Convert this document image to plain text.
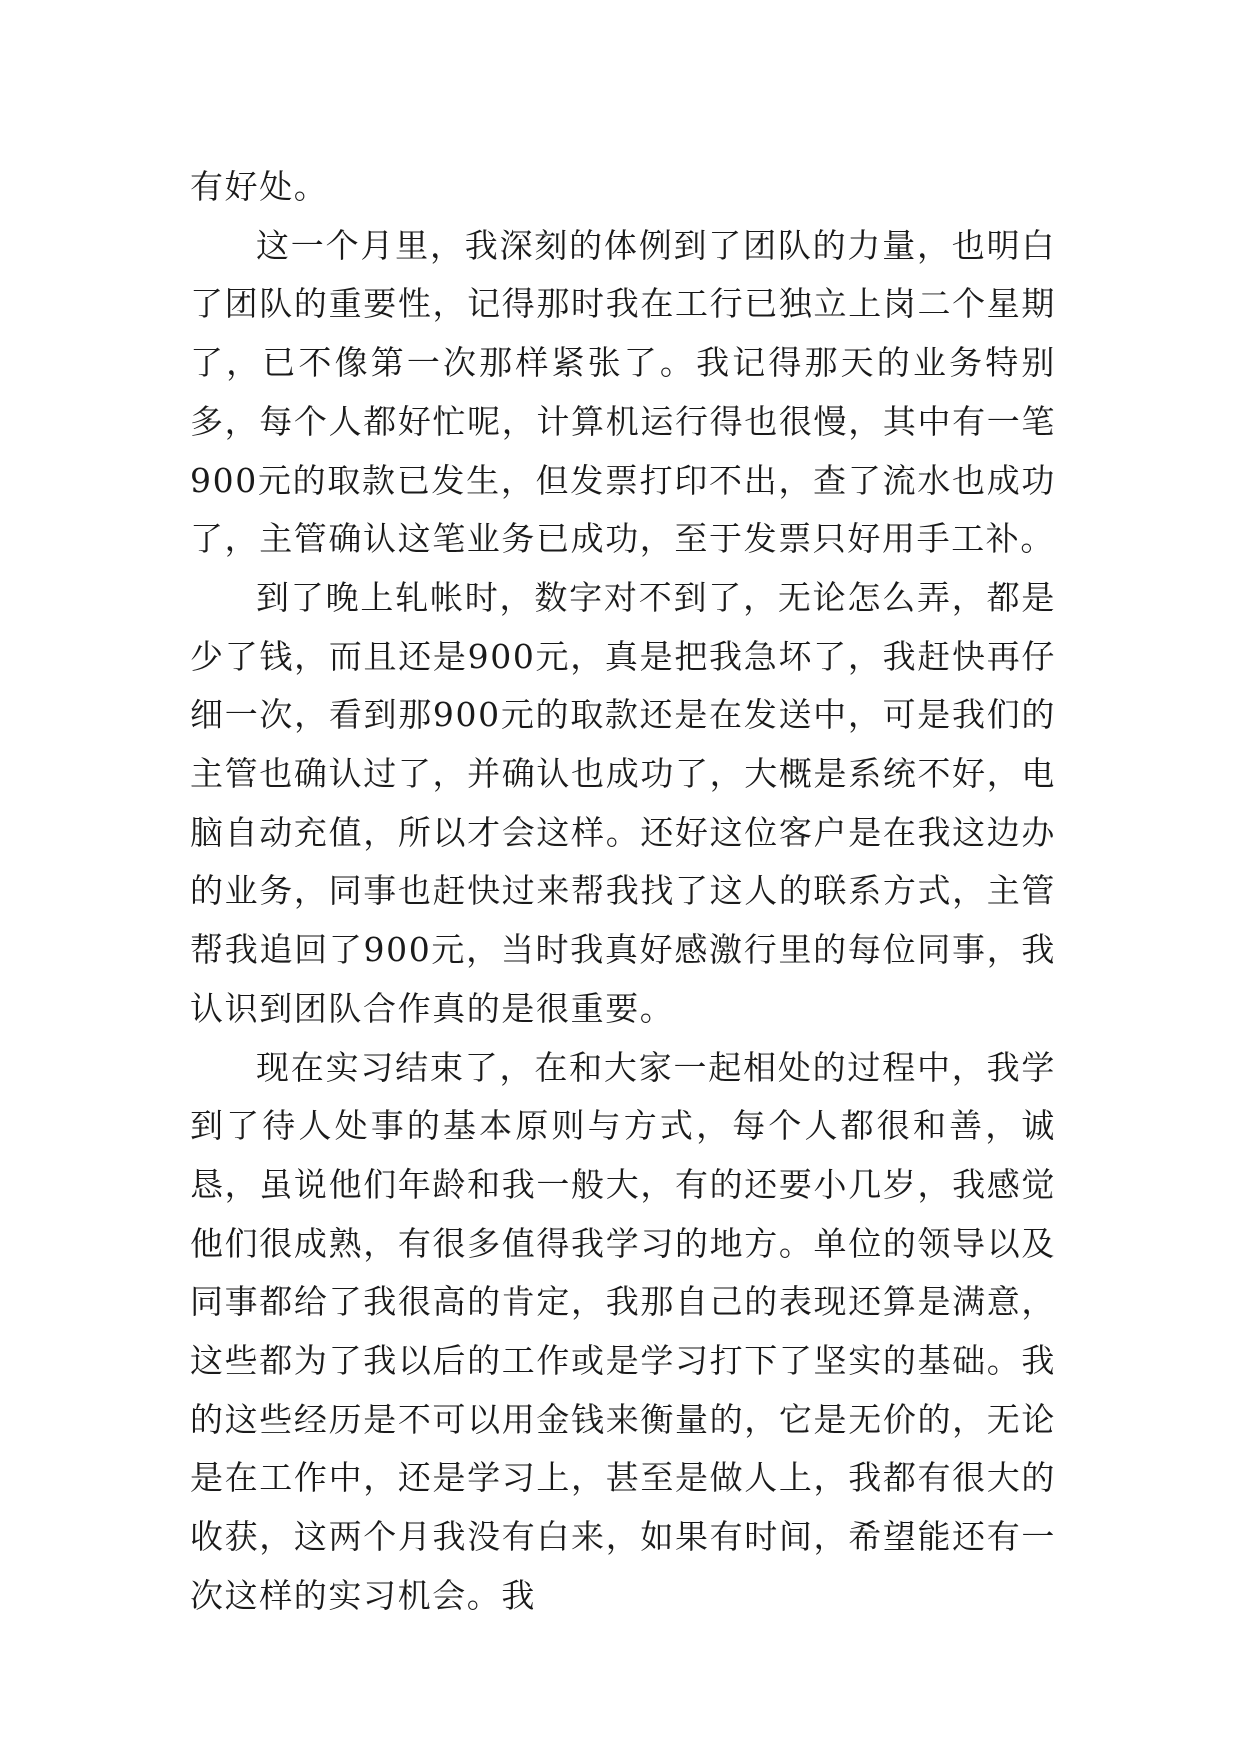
有好处。

这一个月里，我深刻的体例到了团队的力量，也明白了团队的重要性，记得那时我在工行已独立上岗二个星期了，已不像第一次那样紧张了。我记得那天的业务特别多，每个人都好忙呢，计算机运行得也很慢，其中有一笔900元的取款已发生，但发票打印不出，查了流水也成功了，主管确认这笔业务已成功，至于发票只好用手工补。

到了晚上轧帐时，数字对不到了，无论怎么弄，都是少了钱，而且还是900元，真是把我急坏了，我赶快再仔细一次，看到那900元的取款还是在发送中，可是我们的主管也确认过了，并确认也成功了，大概是系统不好，电脑自动充值，所以才会这样。还好这位客户是在我这边办的业务，同事也赶快过来帮我找了这人的联系方式，主管帮我追回了900元，当时我真好感激行里的每位同事，我认识到团队合作真的是很重要。

现在实习结束了，在和大家一起相处的过程中，我学到了待人处事的基本原则与方式，每个人都很和善，诚恳，虽说他们年龄和我一般大，有的还要小几岁，我感觉他们很成熟，有很多值得我学习的地方。单位的领导以及同事都给了我很高的肯定，我那自己的表现还算是满意，这些都为了我以后的工作或是学习打下了坚实的基础。我的这些经历是不可以用金钱来衡量的，它是无价的，无论是在工作中，还是学习上，甚至是做人上，我都有很大的收获，这两个月我没有白来，如果有时间，希望能还有一次这样的实习机会。我
